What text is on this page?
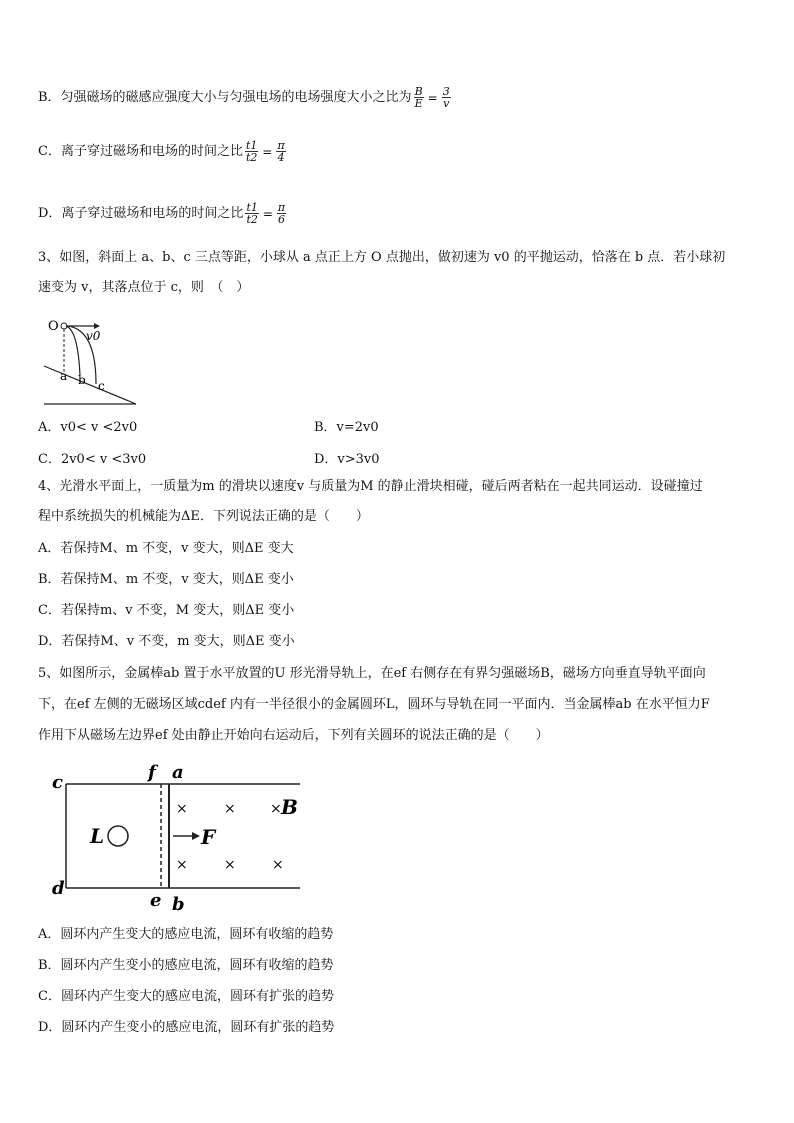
B．匀强磁场的磁感应强度大小与匀强电场的电场强度大小之比为 $\frac{B}{E} = \frac{3}{v}$
C．离子穿过磁场和电场的时间之比 $\frac{t1}{t2} = \frac{\pi}{4}$
D．离子穿过磁场和电场的时间之比 $\frac{t1}{t2} = \frac{\pi}{6}$
3、如图，斜面上 a、b、c 三点等距，小球从 a 点正上方 O 点抛出，做初速为 v0 的平抛运动，恰落在 b 点．若小球初
速变为 v，其落点位于 c，则　（　）
O
v0
a b c
A．v0< v <2v0	B．v=2v0
C．2v0< v <3v0	D．v>3v0
4、光滑水平面上，一质量为m 的滑块以速度v 与质量为M 的静止滑块相碰，碰后两者粘在一起共同运动．设碰撞过
程中系统损失的机械能为ΔE．下列说法正确的是（　　）
A．若保持M、m 不变，v 变大，则ΔE 变大
B．若保持M、m 不变，v 变大，则ΔE 变小
C．若保持m、v 不变，M 变大，则ΔE 变小
D．若保持M、v 不变，m 变大，则ΔE 变小
5、如图所示，金属棒ab 置于水平放置的U 形光滑导轨上，在ef 右侧存在有界匀强磁场B，磁场方向垂直导轨平面向
下，在ef 左侧的无磁场区域cdef 内有一半径很小的金属圆环L，圆环与导轨在同一平面内．当金属棒ab 在水平恒力F
作用下从磁场左边界ef 处由静止开始向右运动后，下列有关圆环的说法正确的是（　　）
c
d
f a
e b
L	F
B
×	× ×
×	×	×
A．圆环内产生变大的感应电流，圆环有收缩的趋势
B．圆环内产生变小的感应电流，圆环有收缩的趋势
C．圆环内产生变大的感应电流，圆环有扩张的趋势
D．圆环内产生变小的感应电流，圆环有扩张的趋势
